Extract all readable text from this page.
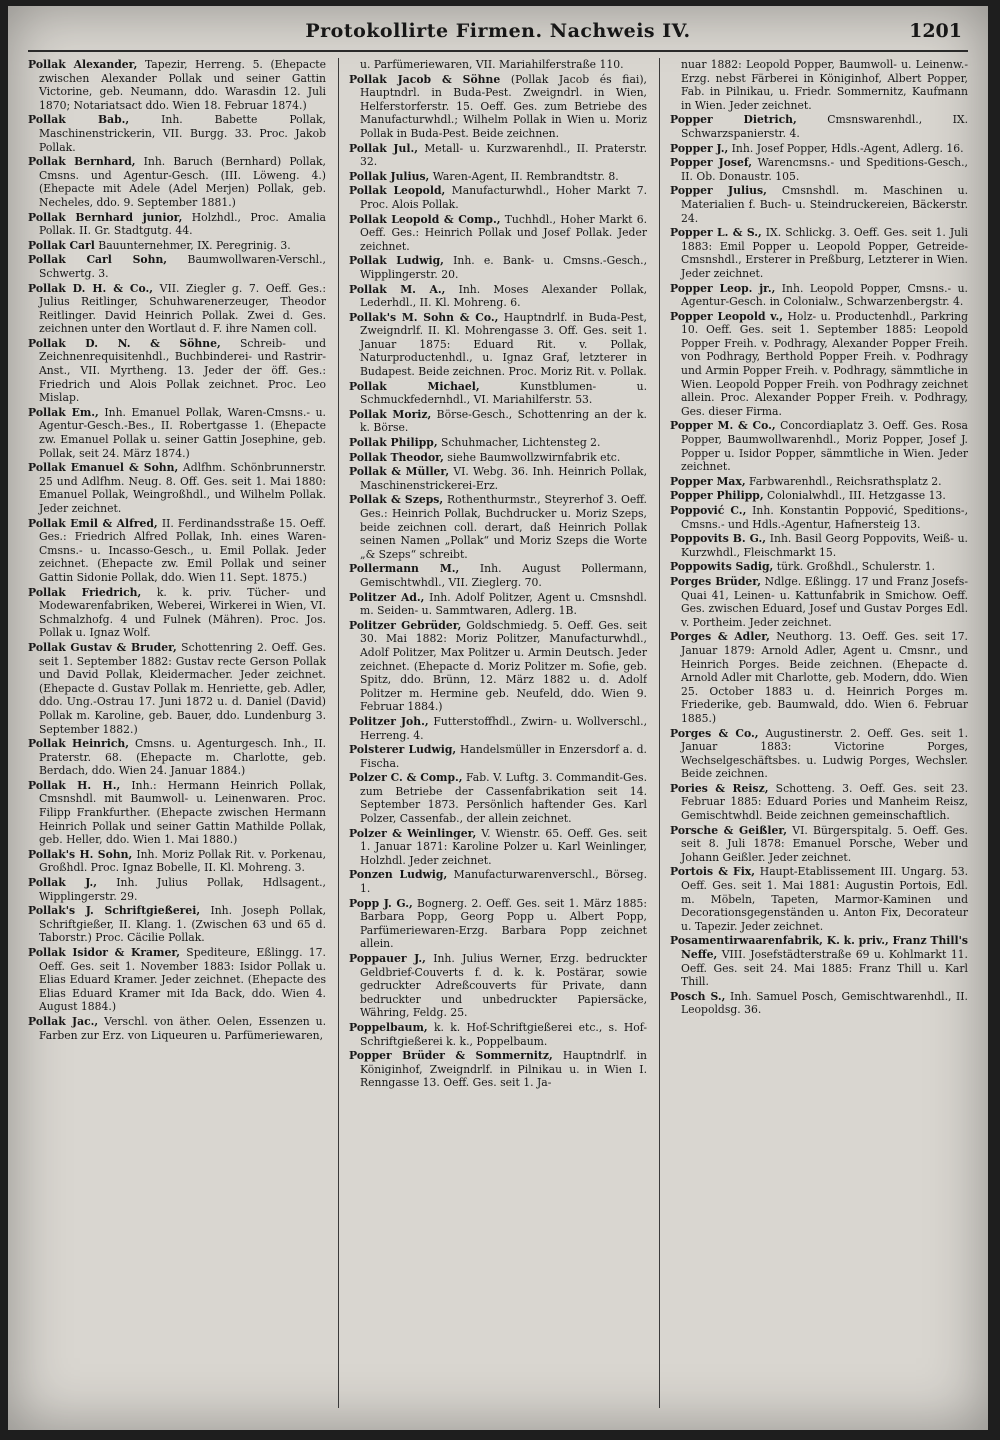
Protokollirte Firmen. Nachweis IV.	1201

Pollak Alexander, Tapezir, Herreng. 5. (Ehepacte zwischen Alexander Pollak und seiner Gattin Victorine, geb. Neumann, ddo. Warasdin 12. Juli 1870; Notariatsact ddo. Wien 18. Februar 1874.)

Pollak Bab.,	Inh. Babette Pollak, Maschinenstrickerin, VII. Burgg. 33. Proc. Jakob Pollak.

Pollak Bernhard, Inh. Baruch (Bernhard) Pollak, Cmsns. und Agentur-Gesch. (III. Löweng. 4.) (Ehepacte mit Adele (Adel Merjen) Pollak, geb. Necheles, ddo. 9. September 1881.)

Pollak Bernhard junior, Holzhdl., Proc. Amalia Pollak. II. Gr. Stadtgutg. 44.

Pollak Carl Bauunternehmer, IX. Peregrinig. 3.

Pollak Carl Sohn, Baumwollwaren-Verschl., Schwertg. 3.

Pollak D. H. & Co., VII. Ziegler g. 7. Oeff. Ges.: Julius Reitlinger, Schuhwarenerzeuger, Theodor Reitlinger. David Heinrich Pollak. Zwei d. Ges. zeichnen unter den Wortlaut d. F. ihre Namen coll.

Pollak D. N. & Söhne, Schreib- und Zeichnenrequisitenhdl., Buchbinderei- und Rastrir-Anst., VII. Myrtheng. 13. Jeder der öff. Ges.: Friedrich und Alois Pollak zeichnet. Proc. Leo Mislap.

Pollak Em., Inh. Emanuel Pollak, Waren-Cmsns.- u. Agentur-Gesch.-Bes., II. Robertgasse 1. (Ehepacte zw. Emanuel Pollak u. seiner Gattin Josephine, geb. Pollak, seit 24. März 1874.)

Pollak Emanuel & Sohn, Adlfhm. Schönbrunnerstr. 25 und Adlfhm. Neug. 8. Off. Ges. seit 1. Mai 1880: Emanuel Pollak, Weingroßhdl., und Wilhelm Pollak. Jeder zeichnet.

Pollak Emil & Alfred, II. Ferdinandsstraße 15. Oeff. Ges.: Friedrich Alfred Pollak, Inh. eines Waren-Cmsns.- u. Incasso-Gesch., u. Emil Pollak. Jeder zeichnet. (Ehepacte zw. Emil Pollak und seiner Gattin Sidonie Pollak, ddo. Wien 11. Sept. 1875.)

Pollak Friedrich, k. k. priv. Tücher- und Modewarenfabriken, Weberei, Wirkerei in Wien, VI. Schmalzhofg. 4 und Fulnek (Mähren). Proc. Jos. Pollak u. Ignaz Wolf.

Pollak Gustav & Bruder, Schottenring 2. Oeff. Ges. seit 1. September 1882: Gustav recte Gerson Pollak und David Pollak, Kleidermacher. Jeder zeichnet. (Ehepacte d. Gustav Pollak m. Henriette, geb. Adler, ddo. Ung.-Ostrau 17. Juni 1872 u. d. Daniel (David) Pollak m. Karoline, geb. Bauer, ddo. Lundenburg 3. September 1882.)

Pollak Heinrich, Cmsns. u. Agenturgesch. Inh., II. Praterstr. 68. (Ehepacte m. Charlotte, geb. Berdach, ddo. Wien 24. Januar 1884.)

Pollak H. H., Inh.: Hermann Heinrich Pollak, Cmsnshdl. mit Baumwoll- u. Leinenwaren. Proc. Filipp Frankfurther. (Ehepacte zwischen Hermann Heinrich Pollak und seiner Gattin Mathilde Pollak, geb. Heller, ddo. Wien 1. Mai 1880.)

Pollak's H. Sohn, Inh. Moriz Pollak Rit. v. Porkenau, Großhdl. Proc. Ignaz Bobelle, II. Kl. Mohreng. 3.

Pollak J., Inh. Julius Pollak, Hdlsagent., Wipplingerstr. 29.

Pollak's J. Schriftgießerei, Inh. Joseph Pollak, Schriftgießer, II. Klang. 1. (Zwischen 63 und 65 d. Taborstr.) Proc. Cäcilie Pollak.

Pollak Isidor & Kramer, Spediteure, Eßlingg. 17. Oeff. Ges. seit 1. November 1883: Isidor Pollak u. Elias Eduard Kramer. Jeder zeichnet. (Ehepacte des Elias Eduard Kramer mit Ida Back, ddo. Wien 4. August 1884.)

Pollak Jac., Verschl. von äther. Oelen, Essenzen u. Farben zur Erz. von Liqueuren u. Parfümeriewaren,

u. Parfümeriewaren, VII. Mariahilferstraße 110.

Pollak Jacob & Söhne (Pollak Jacob és fiai), Hauptndrl. in Buda-Pest. Zweigndrl. in Wien, Helferstorferstr. 15. Oeff. Ges. zum Betriebe des Manufacturwhdl.; Wilhelm Pollak in Wien u. Moriz Pollak in Buda-Pest. Beide zeichnen.

Pollak Jul., Metall- u. Kurzwarenhdl., II. Praterstr. 32.

Pollak Julius, Waren-Agent, II. Rembrandtstr. 8.

Pollak Leopold, Manufacturwhdl., Hoher Markt 7. Proc. Alois Pollak.

Pollak Leopold & Comp., Tuchhdl., Hoher Markt 6. Oeff. Ges.: Heinrich Pollak und Josef Pollak. Jeder zeichnet.

Pollak Ludwig, Inh. e. Bank- u. Cmsns.-Gesch., Wipplingerstr. 20.

Pollak M. A., Inh. Moses Alexander Pollak, Lederhdl., II. Kl. Mohreng. 6.

Pollak's M. Sohn & Co., Hauptndrlf. in Buda-Pest, Zweigndrlf. II. Kl. Mohrengasse 3. Off. Ges. seit 1. Januar 1875: Eduard Rit. v. Pollak, Naturproductenhdl., u. Ignaz Graf, letzterer in Budapest. Beide zeichnen. Proc. Moriz Rit. v. Pollak.

Pollak Michael,	Kunstblumen- u. Schmuckfedernhdl., VI. Mariahilferstr. 53.

Pollak Moriz, Börse-Gesch., Schottenring an der k. k. Börse.

Pollak Philipp, Schuhmacher, Lichtensteg 2.

Pollak Theodor, siehe Baumwollzwirnfabrik etc.

Pollak & Müller, VI. Webg. 36. Inh. Heinrich Pollak, Maschinenstrickerei-Erz.

Pollak & Szeps, Rothenthurmstr., Steyrerhof 3. Oeff. Ges.: Heinrich Pollak, Buchdrucker u. Moriz Szeps, beide zeichnen coll. derart, daß Heinrich Pollak seinen Namen „Pollak“ und Moriz Szeps die Worte „& Szeps“ schreibt.

Pollermann M., Inh. August Pollermann, Gemischtwhdl., VII. Zieglerg. 70.

Politzer Ad., Inh. Adolf Politzer, Agent u. Cmsnshdl. m. Seiden- u. Sammtwaren, Adlerg. 1B.

Politzer Gebrüder, Goldschmiedg. 5. Oeff. Ges. seit 30. Mai 1882: Moriz Politzer, Manufacturwhdl., Adolf Politzer, Max Politzer u. Armin Deutsch. Jeder zeichnet. (Ehepacte d. Moriz Politzer m. Sofie, geb. Spitz, ddo. Brünn, 12. März 1882 u. d. Adolf Politzer m. Hermine geb. Neufeld, ddo. Wien 9. Februar 1884.)

Politzer Joh., Futterstoffhdl., Zwirn- u. Wollverschl., Herreng. 4.

Polsterer Ludwig, Handelsmüller in Enzersdorf a. d. Fischa.

Polzer C. & Comp., Fab. V. Luftg. 3. Commandit-Ges. zum Betriebe der Cassenfabrikation seit 14. September 1873. Persönlich haftender Ges. Karl Polzer, Cassenfab., der allein zeichnet.

Polzer & Weinlinger, V. Wienstr. 65. Oeff. Ges. seit 1. Januar 1871: Karoline Polzer u. Karl Weinlinger, Holzhdl. Jeder zeichnet.

Ponzen Ludwig, Manufacturwarenverschl., Börseg. 1.

Popp J. G., Bognerg. 2. Oeff. Ges. seit 1. März 1885: Barbara Popp, Georg Popp u. Albert Popp, Parfümeriewaren-Erzg. Barbara Popp zeichnet allein.

Poppauer J., Inh. Julius Werner, Erzg. bedruckter Geldbrief-Couverts f. d. k. k. Postärar, sowie gedruckter Adreßcouverts für Private, dann bedruckter und unbedruckter Papiersäcke, Währing, Feldg. 25.

Poppelbaum, k. k. Hof-Schriftgießerei etc., s. Hof-Schriftgießerei k. k., Poppelbaum.

Popper Brüder & Sommernitz, Hauptndrlf. in Königinhof, Zweigndrlf. in Pilnikau u. in Wien I. Renngasse 13. Oeff. Ges. seit 1. Ja-

nuar 1882: Leopold Popper, Baumwoll- u. Leinenw.-Erzg. nebst Färberei in Königinhof, Albert Popper, Fab. in Pilnikau, u. Friedr. Sommernitz, Kaufmann in Wien. Jeder zeichnet.

Popper Dietrich,	Cmsnswarenhdl., IX. Schwarzspanierstr. 4.

Popper J., Inh. Josef Popper, Hdls.-Agent, Adlerg. 16.

Popper Josef, Warencmsns.- und Speditions-Gesch., II. Ob. Donaustr. 105.

Popper Julius, Cmsnshdl. m. Maschinen u. Materialien f. Buch- u. Steindruckereien, Bäckerstr. 24.

Popper L. & S., IX. Schlickg. 3. Oeff. Ges. seit 1. Juli 1883: Emil Popper u. Leopold Popper, Getreide-Cmsnshdl., Ersterer in Preßburg, Letzterer in Wien. Jeder zeichnet.

Popper Leop. jr., Inh. Leopold Popper, Cmsns.- u. Agentur-Gesch. in Colonialw., Schwarzenbergstr. 4.

Popper Leopold v., Holz- u. Productenhdl., Parkring 10. Oeff. Ges. seit 1. September 1885: Leopold Popper Freih. v. Podhragy, Alexander Popper Freih. von Podhragy, Berthold Popper Freih. v. Podhragy und Armin Popper Freih. v. Podhragy, sämmtliche in Wien. Leopold Popper Freih. von Podhragy zeichnet allein. Proc. Alexander Popper Freih. v. Podhragy, Ges. dieser Firma.

Popper M. & Co., Concordiaplatz 3. Oeff. Ges. Rosa Popper, Baumwollwarenhdl., Moriz Popper, Josef J. Popper u. Isidor Popper, sämmtliche in Wien. Jeder zeichnet.

Popper Max, Farbwarenhdl., Reichsrathsplatz 2.

Popper Philipp, Colonialwhdl., III. Hetzgasse 13.

Poppović C., Inh. Konstantin Poppović, Speditions-, Cmsns.- und Hdls.-Agentur, Hafnersteig 13.

Poppovits B. G., Inh. Basil Georg Poppovits, Weiß- u. Kurzwhdl., Fleischmarkt 15.

Poppowits Sadig, türk. Großhdl., Schulerstr. 1.

Porges Brüder, Ndlge. Eßlingg. 17 und Franz Josefs-Quai 41, Leinen- u. Kattunfabrik in Smichow. Oeff. Ges. zwischen Eduard, Josef und Gustav Porges Edl. v. Portheim. Jeder zeichnet.

Porges & Adler, Neuthorg. 13. Oeff. Ges. seit 17. Januar 1879: Arnold Adler, Agent u. Cmsnr., und Heinrich Porges. Beide zeichnen. (Ehepacte d. Arnold Adler mit Charlotte, geb. Modern, ddo. Wien 25. October 1883 u. d. Heinrich Porges m. Friederike, geb. Baumwald, ddo. Wien 6. Februar 1885.)

Porges & Co., Augustinerstr. 2. Oeff. Ges. seit 1. Januar 1883: Victorine Porges, Wechselgeschäftsbes. u. Ludwig Porges, Wechsler. Beide zeichnen.

Pories & Reisz, Schotteng. 3. Oeff. Ges. seit 23. Februar 1885: Eduard Pories und Manheim Reisz, Gemischtwhdl. Beide zeichnen gemeinschaftlich.

Porsche & Geißler, VI. Bürgerspitalg. 5. Oeff. Ges. seit 8. Juli 1878: Emanuel Porsche, Weber und Johann Geißler. Jeder zeichnet.

Portois & Fix, Haupt-Etablissement III. Ungarg. 53. Oeff. Ges. seit 1. Mai 1881: Augustin Portois, Edl. m. Möbeln, Tapeten, Marmor-Kaminen und Decorationsgegenständen u. Anton Fix, Decorateur u. Tapezir. Jeder zeichnet.

Posamentirwaarenfabrik, K. k. priv., Franz Thill's Neffe, VIII. Josefstädterstraße 69 u. Kohlmarkt 11. Oeff. Ges. seit 24. Mai 1885: Franz Thill u. Karl Thill.

Posch S., Inh. Samuel Posch, Gemischtwarenhdl., II. Leopoldsg. 36.
